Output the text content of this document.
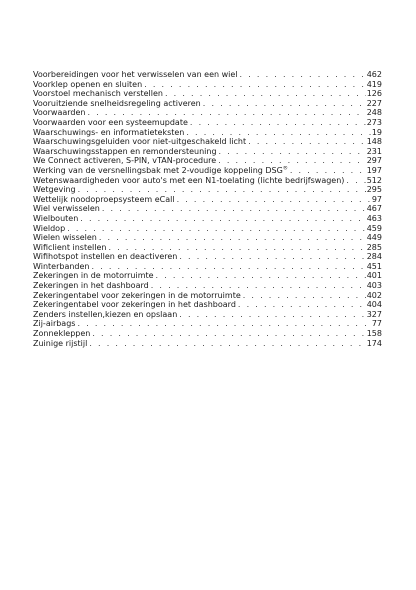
Voorbereidingen voor het verwisselen van een wiel . . .	462
Voorklep openen en sluiten . . .	419
Voorstoel mechanisch verstellen . . .	126
Vooruitziende snelheidsregeling activeren . . .	227
Voorwaarden . . .	248
Voorwaarden voor een systeemupdate . . .	273
Waarschuwings- en informatieteksten . . .	19
Waarschuwingsgeluiden voor niet-uitgeschakeld licht . . .	148
Waarschuwingsstappen en remondersteuning . . .	231
We Connect activeren, S-PIN, vTAN-procedure . . .	297
Werking van de versnellingsbak met 2-voudige koppeling DSG® . . .	197
Wetenswaardigheden voor auto's met een N1-toelating (lichte bedrijfswagen) . . .	512
Wetgeving . . .	295
Wettelijk noodoproepsysteem eCall . . .	97
Wiel verwisselen . . .	467
Wielbouten . . .	463
Wieldop . . .	459
Wielen wisselen . . .	449
Wificlient instellen . . .	285
Wifihotspot instellen en deactiveren . . .	284
Winterbanden . . .	451
Zekeringen in de motorruimte . . .	401
Zekeringen in het dashboard . . .	403
Zekeringentabel voor zekeringen in de motorruimte . . .	402
Zekeringentabel voor zekeringen in het dashboard . . .	404
Zenders instellen,kiezen en opslaan . . .	327
Zij-airbags . . .	77
Zonnekleppen . . .	158
Zuinige rijstijl . . .	174
